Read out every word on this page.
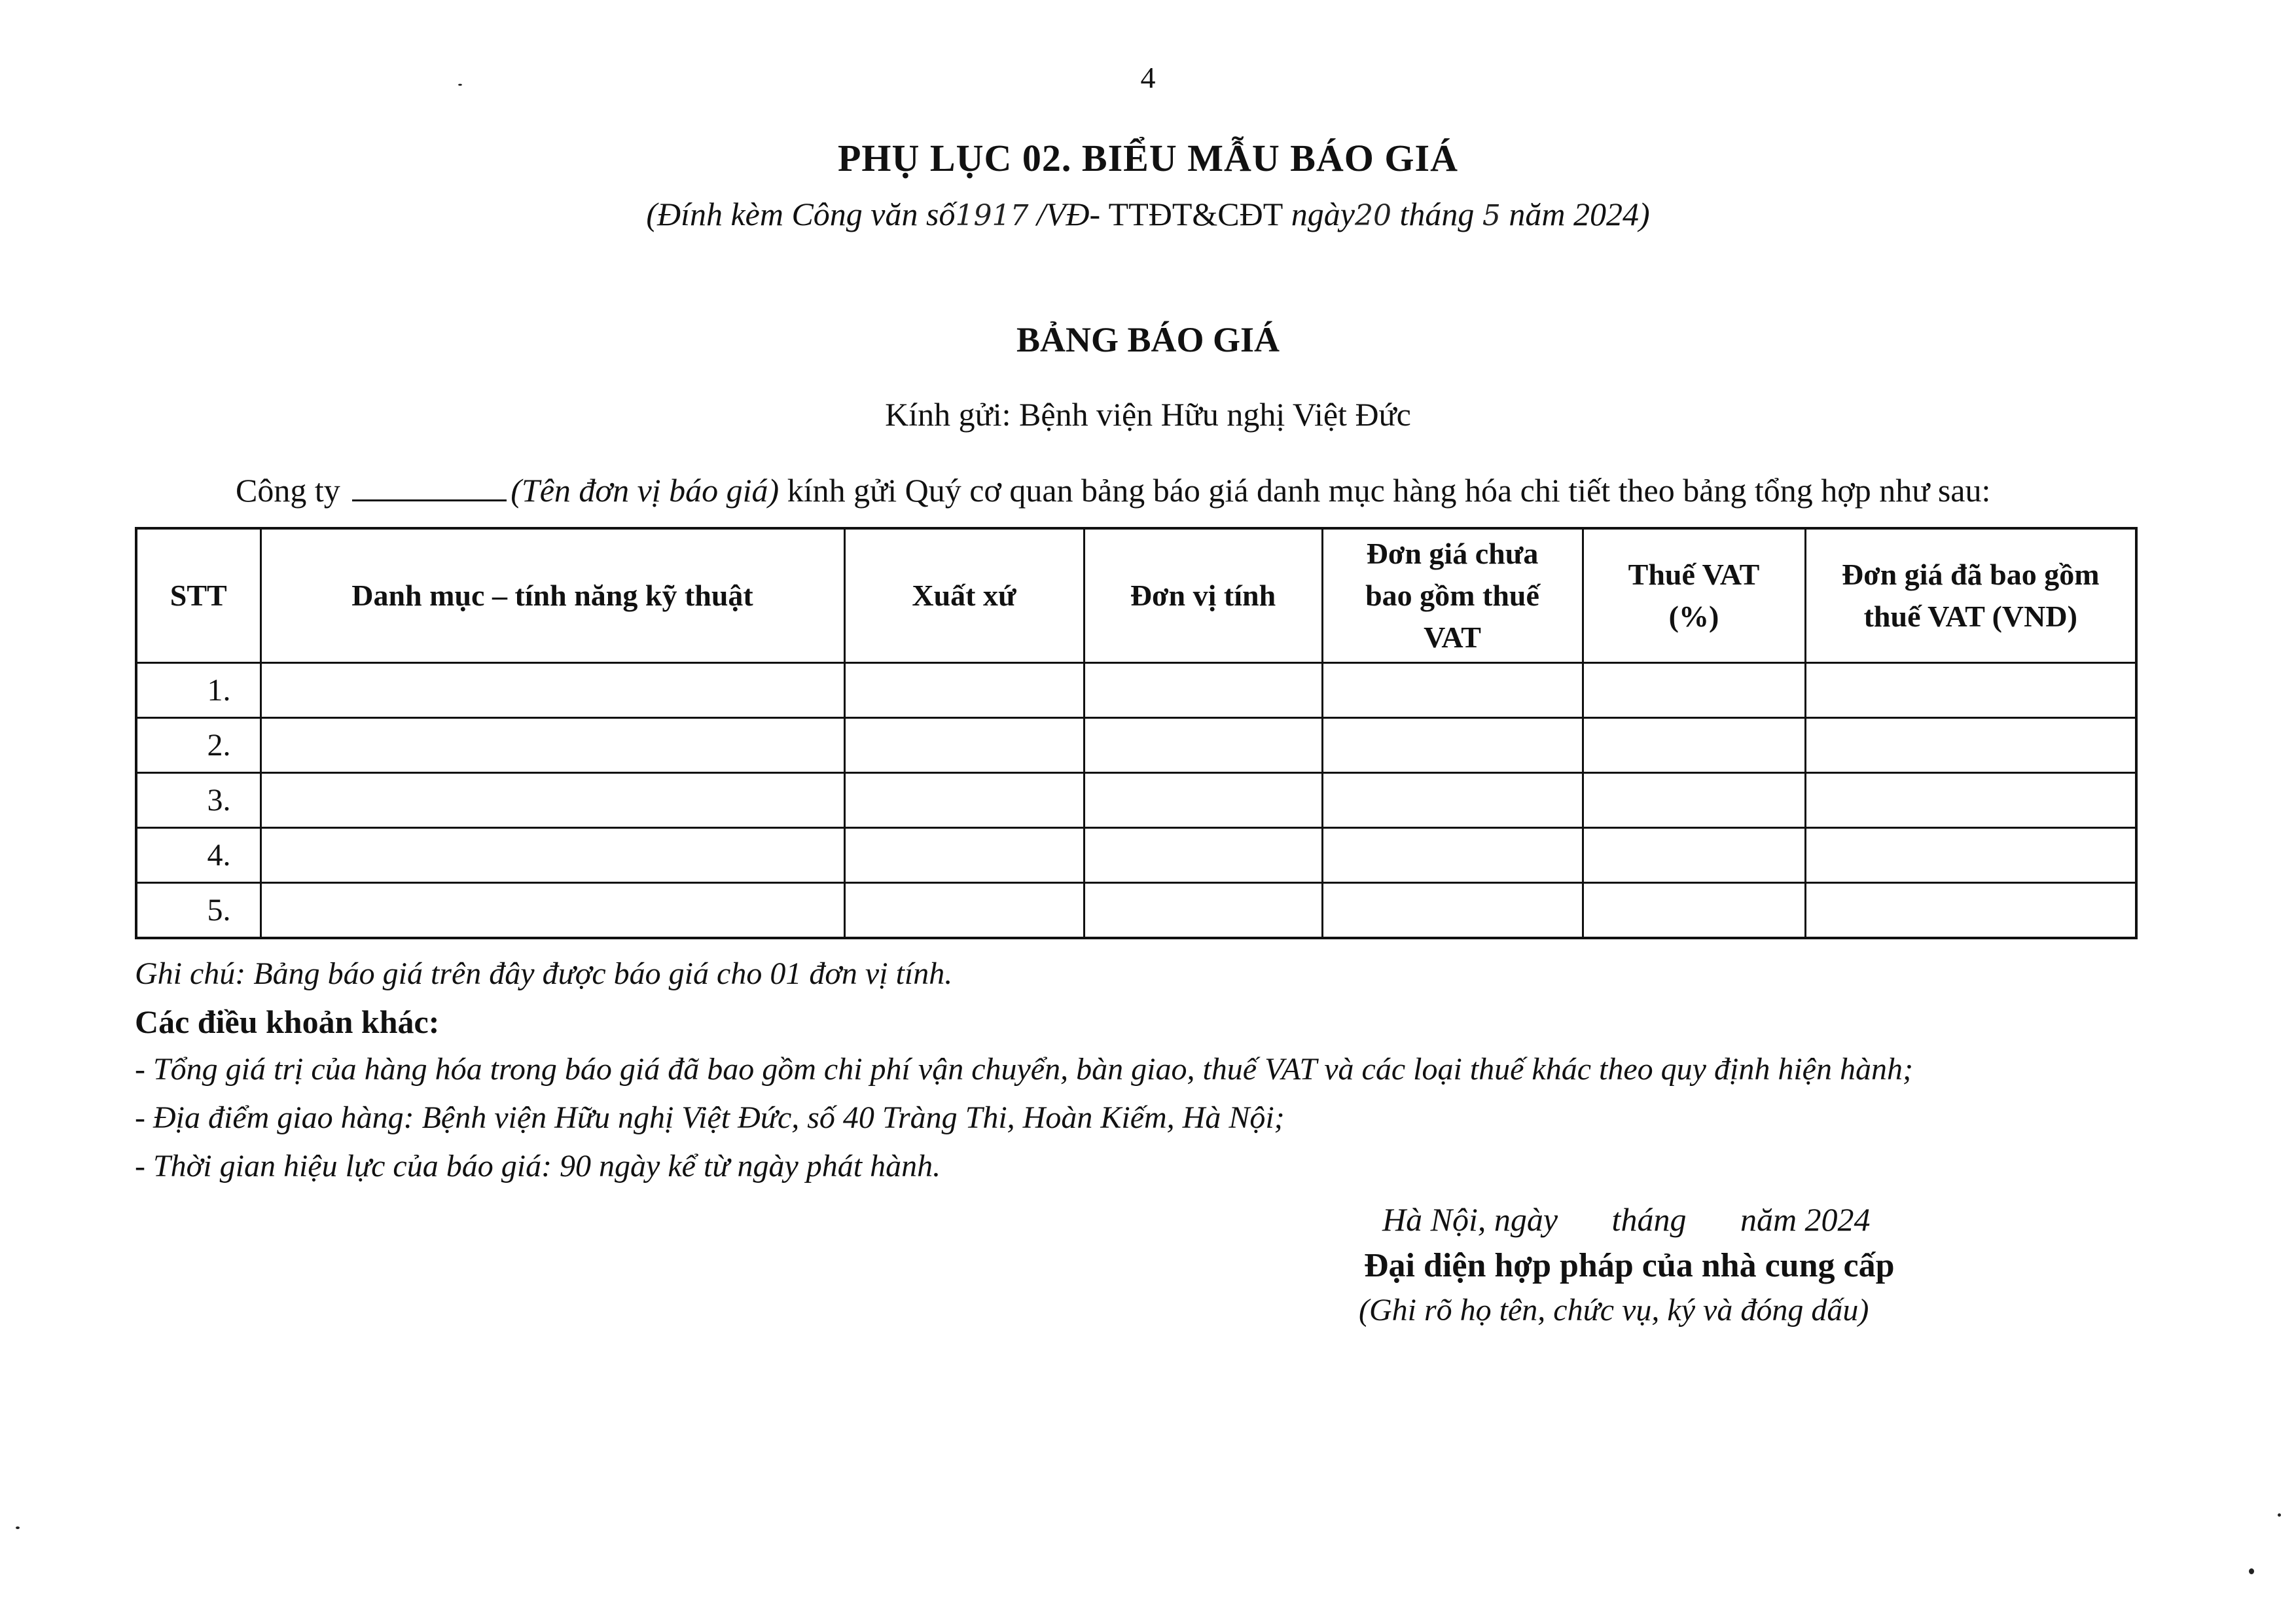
4
PHỤ LỤC 02. BIỂU MẪU BÁO GIÁ
(Đính kèm Công văn số1917 /VĐ- TTĐT&CĐT ngày20 tháng 5 năm 2024)
BẢNG BÁO GIÁ
Kính gửi: Bệnh viện Hữu nghị Việt Đức
Công ty	(Tên đơn vị báo giá) kính gửi Quý cơ quan bảng báo giá danh mục hàng hóa chi tiết theo bảng tổng hợp như sau:
STT	Danh mục – tính năng kỹ thuật	Xuất xứ	Đơn vị tính	Đơn giá chưa bao gồm thuế VAT	Thuế VAT (%)	Đơn giá đã bao gồm thuế VAT (VND)
1.						
2.						
3.						
4.						
5.						
Ghi chú: Bảng báo giá trên đây được báo giá cho 01 đơn vị tính.
Các điều khoản khác:
- Tổng giá trị của hàng hóa trong báo giá đã bao gồm chi phí vận chuyển, bàn giao, thuế VAT và các loại thuế khác theo quy định hiện hành;
- Địa điểm giao hàng: Bệnh viện Hữu nghị Việt Đức, số 40 Tràng Thi, Hoàn Kiếm, Hà Nội;
- Thời gian hiệu lực của báo giá: 90 ngày kể từ ngày phát hành.
Hà Nội, ngày tháng năm 2024
Đại diện hợp pháp của nhà cung cấp
(Ghi rõ họ tên, chức vụ, ký và đóng dấu)
